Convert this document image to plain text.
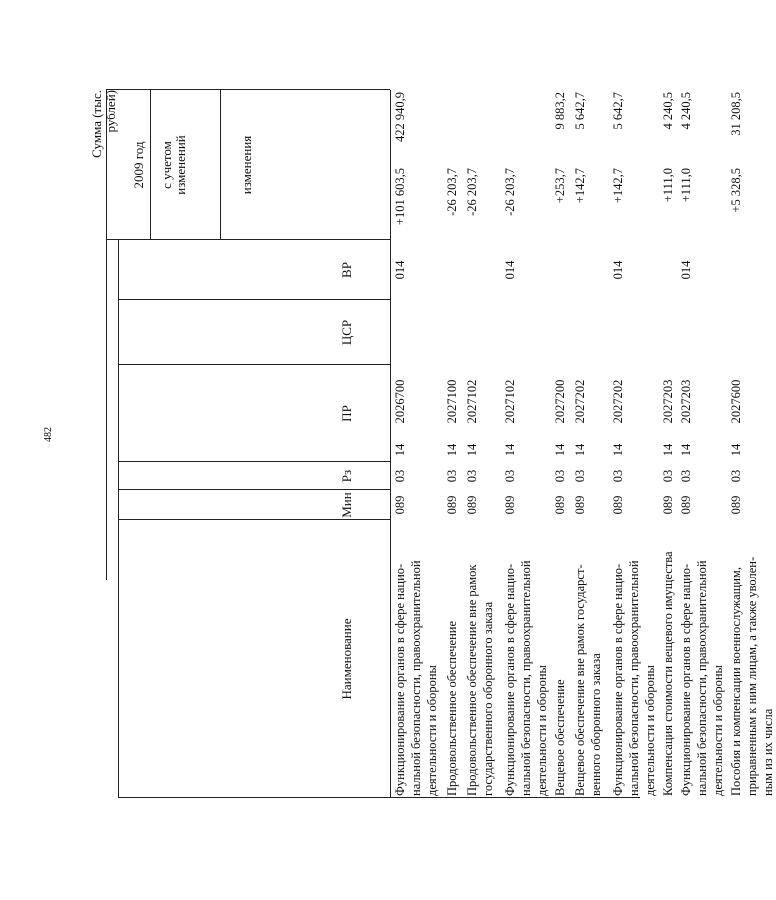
482
Сумма (тыс. рублей)
Наименование
Мин
Рз
ПР
ЦСР
ВР
2009 год	изменения
с учетом изменений
Функционирование органов в сфере нацио-
нальной безопасности, правоохранительной
деятельности и обороны
089
03
14
2026700
014
+101 603,5
422 940,9
Продовольственное обеспечение
089
03
14
2027100
-26 203,7
Продовольственное обеспечение вне рамок
государственного оборонного заказа
089
03
14
2027102
-26 203,7
Функционирование органов в сфере нацио-
нальной безопасности, правоохранительной
деятельности и обороны
089
03
14
2027102
014
-26 203,7
Вещевое обеспечение
089
03
14
2027200
+253,7
9 883,2
Вещевое обеспечение вне рамок государст-
венного оборонного заказа
089
03
14
2027202
+142,7
5 642,7
Функционирование органов в сфере нацио-
нальной безопасности, правоохранительной
деятельности и обороны
089
03
14
2027202
014
+142,7
5 642,7
Компенсация стоимости вещевого имущества
089
03
14
2027203
+111,0
4 240,5
Функционирование органов в сфере нацио-
нальной безопасности, правоохранительной
деятельности и обороны
089
03
14
2027203
014
+111,0
4 240,5
Пособия и компенсации военнослужащим,
приравненным к ним лицам, а также уволен-
ным из их числа
089
03
14
2027600
+5 328,5
31 208,5
